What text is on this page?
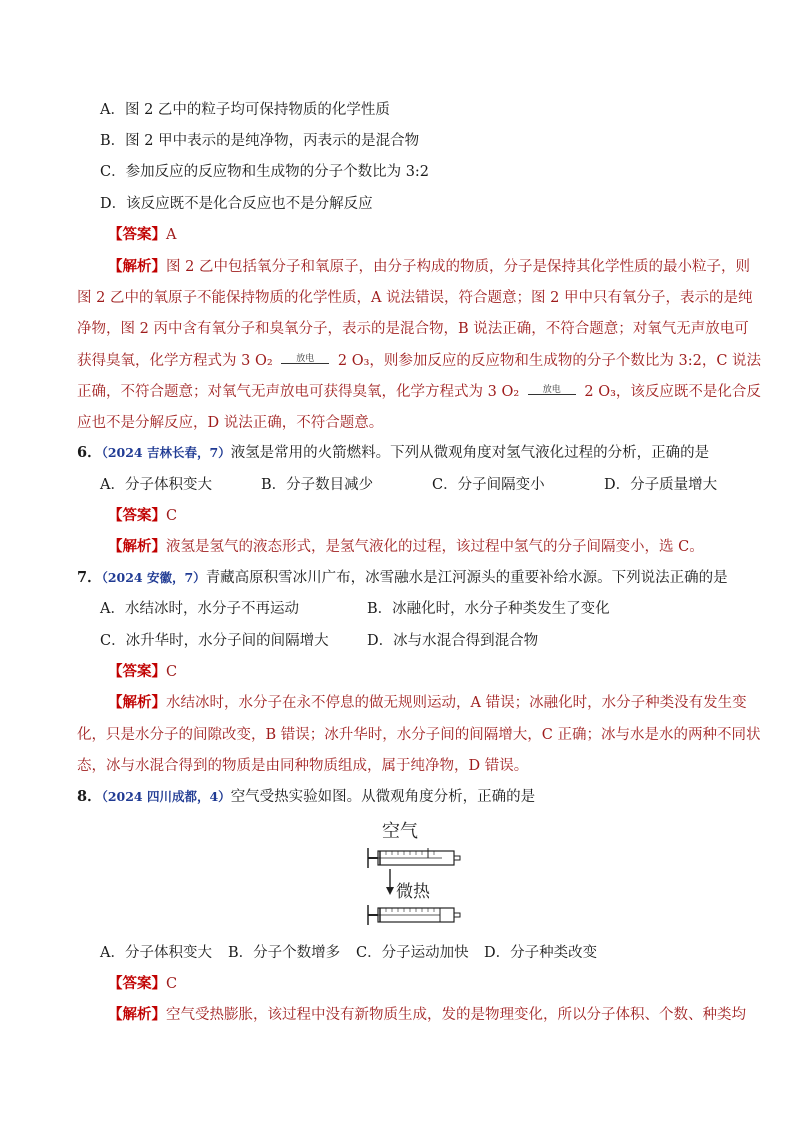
A．图 2 乙中的粒子均可保持物质的化学性质
B．图 2 甲中表示的是纯净物，丙表示的是混合物
C．参加反应的反应物和生成物的分子个数比为 3:2
D．该反应既不是化合反应也不是分解反应
【答案】A
【解析】图 2 乙中包括氧分子和氧原子，由分子构成的物质，分子是保持其化学性质的最小粒子，则
图 2 乙中的氧原子不能保持物质的化学性质，A 说法错误，符合题意；图 2 甲中只有氧分子，表示的是纯
净物，图 2 丙中含有氧分子和臭氧分子，表示的是混合物，B 说法正确，不符合题意；对氧气无声放电可
获得臭氧，化学方程式为 3 O₂	放电	2 O₃，则参加反应的反应物和生成物的分子个数比为 3:2，C 说法
正确，不符合题意；对氧气无声放电可获得臭氧，化学方程式为 3 O₂	放电	2 O₃，该反应既不是化合反
应也不是分解反应，D 说法正确，不符合题意。
6．（2024 吉林长春，7）液氢是常用的火箭燃料。下列从微观角度对氢气液化过程的分析，正确的是
A．分子体积变大	B．分子数目减少	C．分子间隔变小	D．分子质量增大
【答案】C
【解析】液氢是氢气的液态形式，是氢气液化的过程，该过程中氢气的分子间隔变小，选 C。
7．（2024 安徽，7）青藏高原积雪冰川广布，冰雪融水是江河源头的重要补给水源。下列说法正确的是
A．水结冰时，水分子不再运动	B．冰融化时，水分子种类发生了变化
C．冰升华时，水分子间的间隔增大	D．冰与水混合得到混合物
【答案】C
【解析】水结冰时，水分子在永不停息的做无规则运动，A 错误；冰融化时，水分子种类没有发生变
化，只是水分子的间隙改变，B 错误；冰升华时，水分子间的间隔增大，C 正确；冰与水是水的两种不同状
态，冰与水混合得到的物质是由同种物质组成，属于纯净物，D 错误。
8．（2024 四川成都，4）空气受热实验如图。从微观角度分析，正确的是
空气
微热
A．分子体积变大 B．分子个数增多 C．分子运动加快 D．分子种类改变
【答案】C
【解析】空气受热膨胀，该过程中没有新物质生成，发的是物理变化，所以分子体积、个数、种类均
